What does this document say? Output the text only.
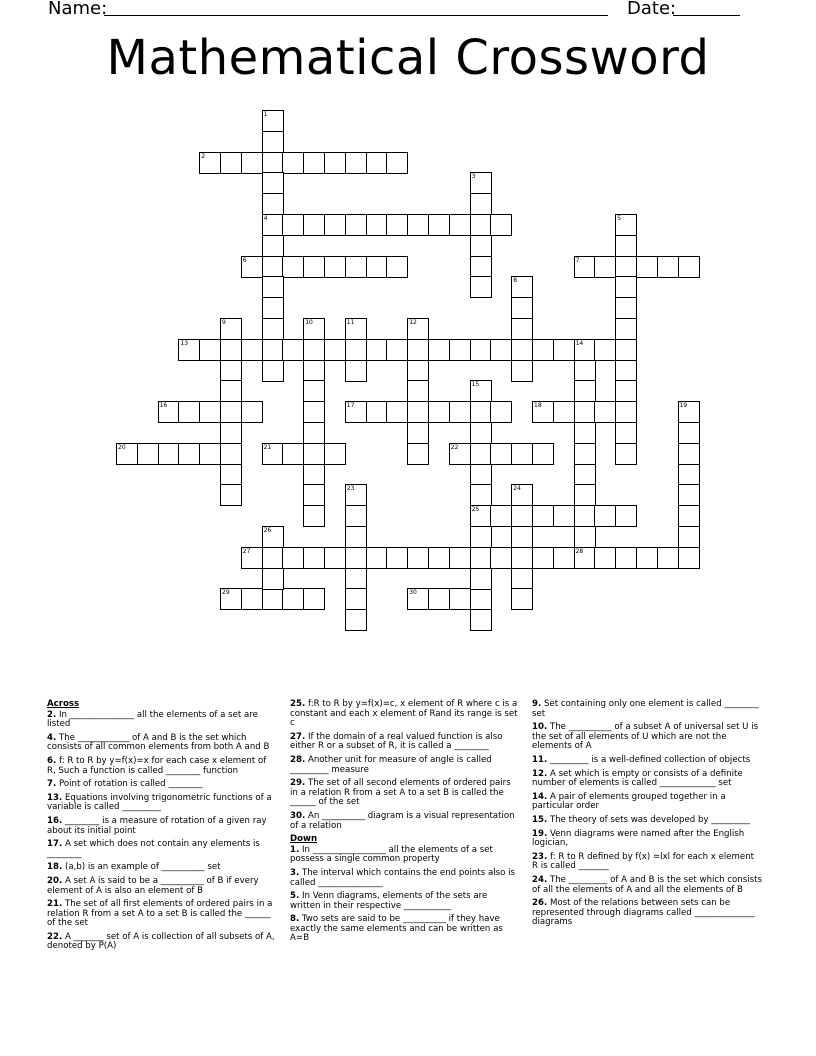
Name:	Date:
Mathematical Crossword
2
4
6	7
13	14
16	17	18
20	21	22
25
27	28
29	30
1
3
5
8
9	10	11	12
15
19
23	24
26
Across
2. In _______________ all the elements of a set are listed
4. The ____________ of A and B is the set which consists of all common elements from both A and B
6. f: R to R by y=f(x)=x for each case x element of R, Such a function is called ________ function
7. Point of rotation is called ________
13. Equations involving trigonometric functions of a variable is called _________
16. ________ is a measure of rotation of a given ray about its initial point
17. A set which does not contain any elements is ________
18. (a,b) is an example of __________ set
20. A set A is said to be a __________ of B if every element of A is also an element of B
21. The set of all first elements of ordered pairs in a relation R from a set A to a set B is called the ______ of the set
22. A _______ set of A is collection of all subsets of A, denoted by P(A)
25. f:R to R by y=f(x)=c, x element of R where c is a constant and each x element of Rand its range is set c
27. If the domain of a real valued function is also either R or a subset of R, it is called a ________
28. Another unit for measure of angle is called _________ measure
29. The set of all second elements of ordered pairs in a relation R from a set A to a set B is called the ______ of the set
30. An __________ diagram is a visual representation of a relation
Down
1. In _________________ all the elements of a set possess a single common property
3. The interval which contains the end points also is called _______________
5. In Venn diagrams, elements of the sets are written in their respective ___________
8. Two sets are said to be __________ if they have exactly the same elements and can be written as A=B
9. Set containing only one element is called ________ set
10. The __________ of a subset A of universal set U is the set of all elements of U which are not the elements of A
11. _________ is a well-defined collection of objects
12. A set which is empty or consists of a definite number of elements is called _____________ set
14. A pair of elements grouped together in a particular order
15. The theory of sets was developed by _________
19. Venn diagrams were named after the English logician,
23. f: R to R defined by f(x) =lxl for each x element R is called _______
24. The _________ of A and B is the set which consists of all the elements of A and all the elements of B
26. Most of the relations between sets can be represented through diagrams called ______________ diagrams
